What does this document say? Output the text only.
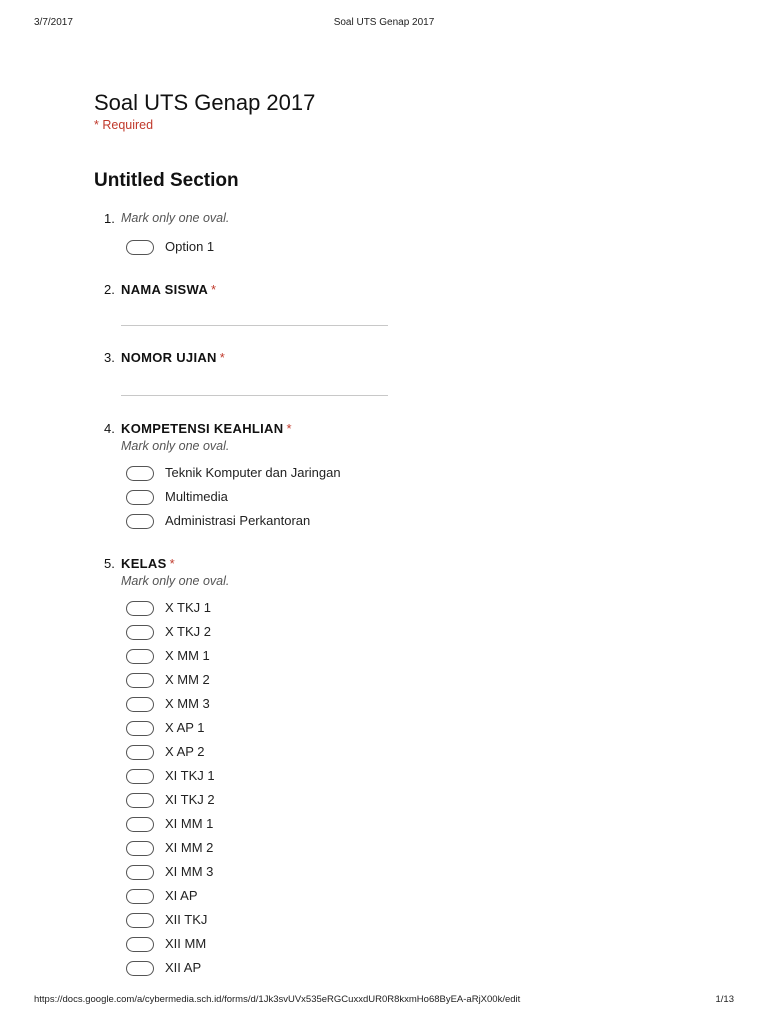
3/7/2017	Soal UTS Genap 2017
Soal UTS Genap 2017
* Required
Untitled Section
1. Mark only one oval.
Option 1
2. NAMA SISWA *
3. NOMOR UJIAN *
4. KOMPETENSI KEAHLIAN *
Mark only one oval.
Teknik Komputer dan Jaringan
Multimedia
Administrasi Perkantoran
5. KELAS *
Mark only one oval.
X TKJ 1
X TKJ 2
X MM 1
X MM 2
X MM 3
X AP 1
X AP 2
XI TKJ 1
XI TKJ 2
XI MM 1
XI MM 2
XI MM 3
XI AP
XII TKJ
XII MM
XII AP
https://docs.google.com/a/cybermedia.sch.id/forms/d/1Jk3svUVx535eRGCuxxdUR0R8kxmHo68ByEA-aRjX00k/edit	1/13
